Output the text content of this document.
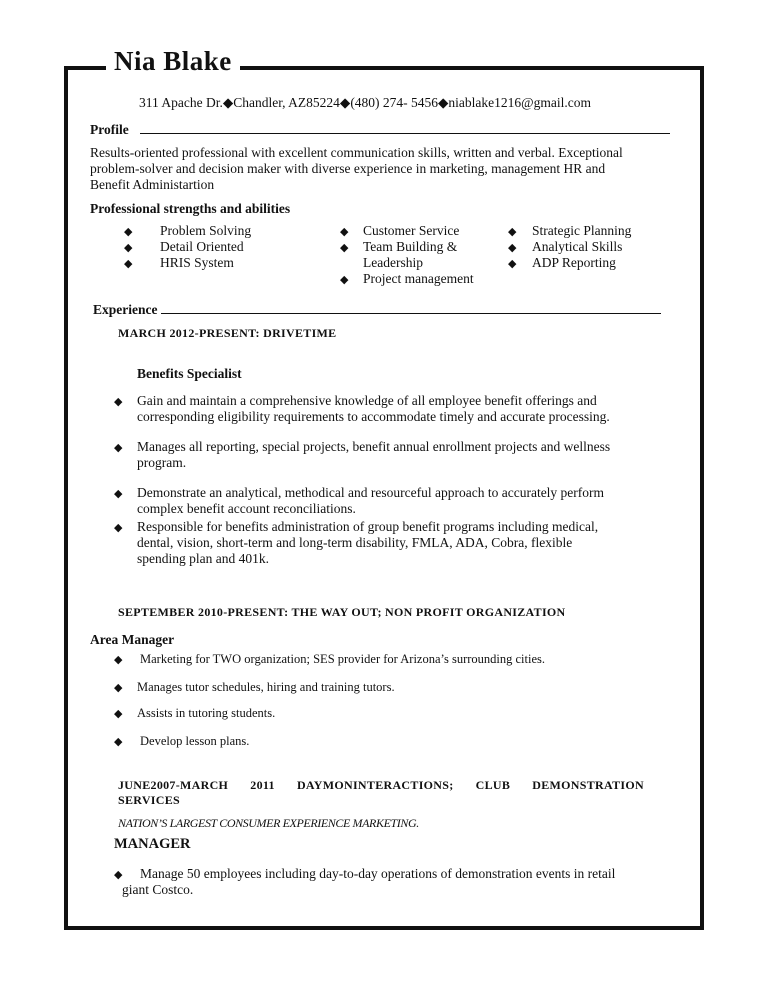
Nia Blake
311 Apache Dr.◆Chandler, AZ85224◆(480) 274- 5456◆niablake1216@gmail.com
Profile
Results-oriented professional with excellent communication skills, written and verbal. Exceptional
problem-solver and decision maker with diverse experience in marketing, management HR and
Benefit Administartion
Professional strengths and abilities
Experience
MARCH 2012-PRESENT: DRIVETIME
Benefits Specialist
SEPTEMBER 2010-PRESENT: THE WAY OUT; NON PROFIT ORGANIZATION
Area Manager
JUNE2007-MARCH 2011 DAYMONINTERACTIONS; CLUB DEMONSTRATION
SERVICES
NATION’S LARGEST CONSUMER EXPERIENCE MARKETING.
MANAGER
Problem Solving
◆
Detail Oriented
◆
HRIS System
◆
Customer Service
◆
Team Building &
◆
Leadership
Project management
◆
Strategic Planning
◆
Analytical Skills
◆
ADP Reporting
◆
◆ Gain and maintain a comprehensive knowledge of all employee benefit offerings and
corresponding eligibility requirements to accommodate timely and accurate processing.
◆ Manages all reporting, special projects, benefit annual enrollment projects and wellness
program.
◆ Demonstrate an analytical, methodical and resourceful approach to accurately perform
complex benefit account reconciliations.
◆ Responsible for benefits administration of group benefit programs including medical,
dental, vision, short-term and long-term disability, FMLA, ADA, Cobra, flexible
spending plan and 401k.
◆ Marketing for TWO organization; SES provider for Arizona’s surrounding cities.
◆ Manages tutor schedules, hiring and training tutors.
◆ Assists in tutoring students.
◆ Develop lesson plans.
◆ Manage 50 employees including day-to-day operations of demonstration events in retail
giant Costco.
